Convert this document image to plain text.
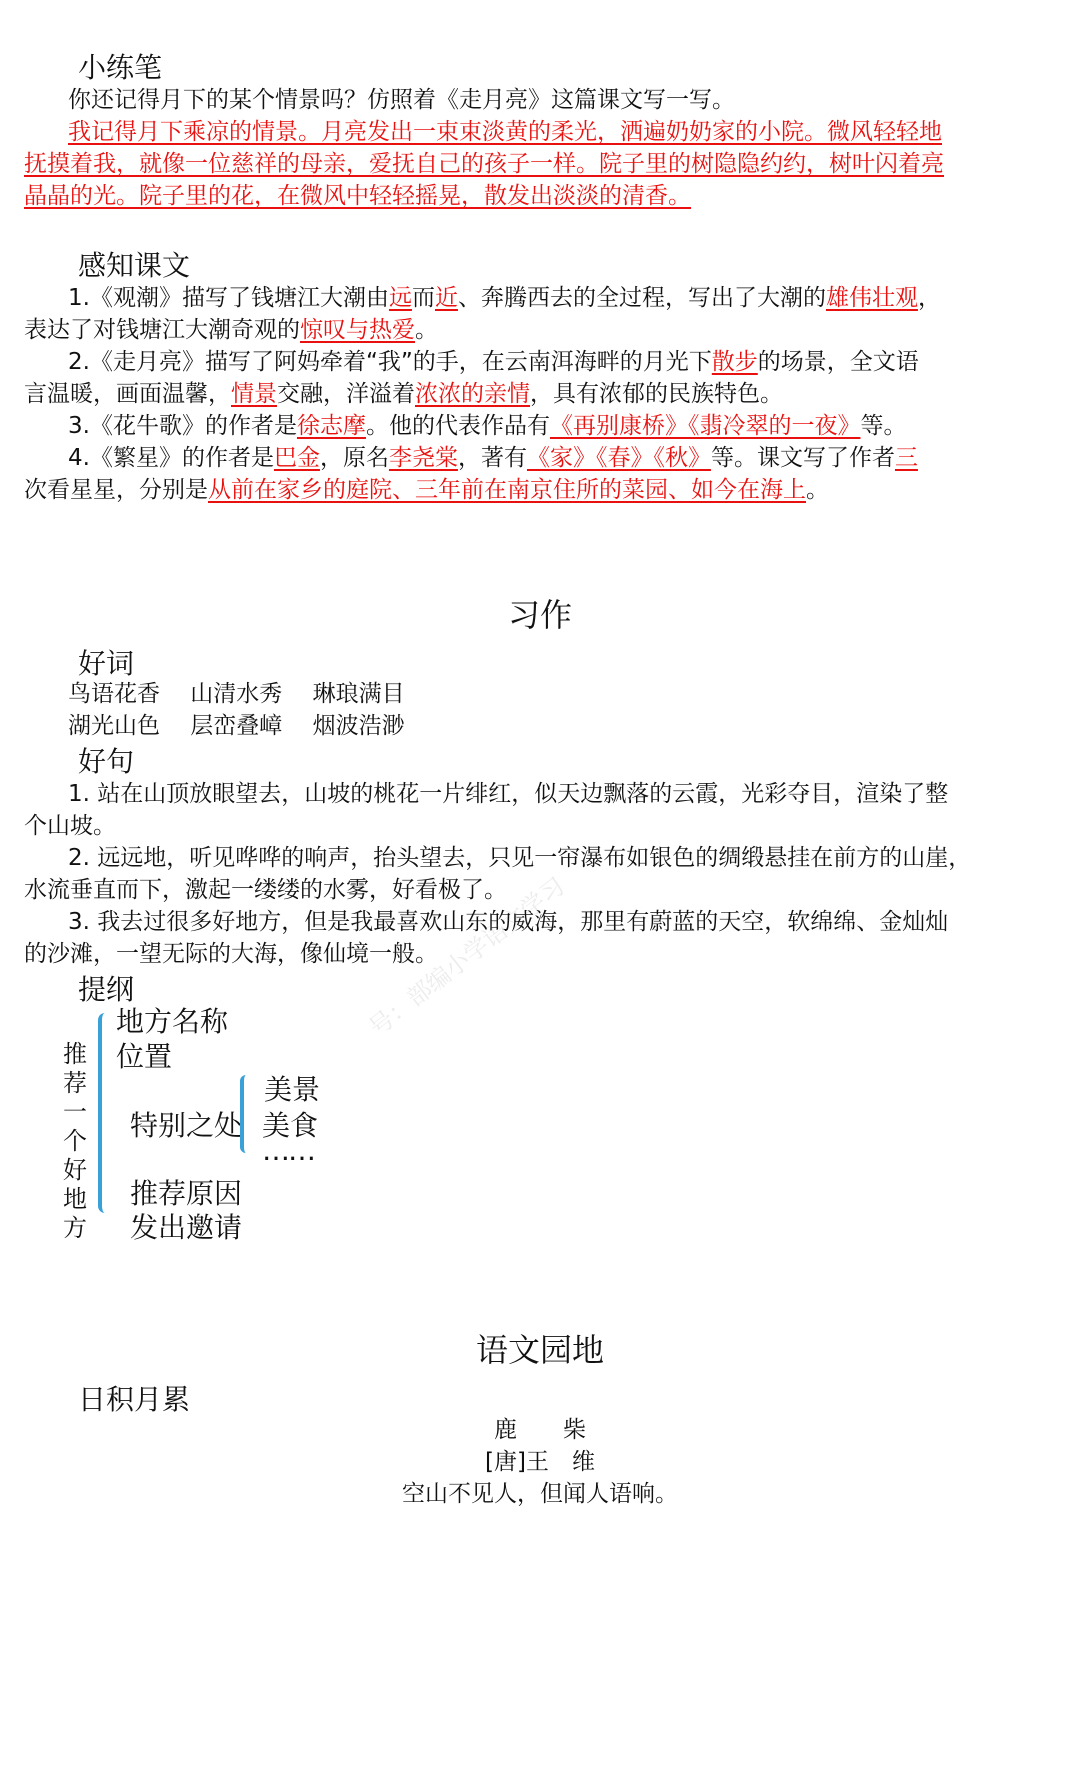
小练笔
你还记得月下的某个情景吗？仿照着《走月亮》这篇课文写一写。
我记得月下乘凉的情景。月亮发出一束束淡黄的柔光，洒遍奶奶家的小院。微风轻轻地
抚摸着我，就像一位慈祥的母亲，爱抚自己的孩子一样。院子里的树隐隐约约，树叶闪着亮
晶晶的光。院子里的花，在微风中轻轻摇晃，散发出淡淡的清香。
感知课文
1.《观潮》描写了钱塘江大潮由远而近、奔腾西去的全过程，写出了大潮的雄伟壮观，
表达了对钱塘江大潮奇观的惊叹与热爱。
2.《走月亮》描写了阿妈牵着“我”的手，在云南洱海畔的月光下散步的场景，全文语
言温暖，画面温馨，情景交融，洋溢着浓浓的亲情，具有浓郁的民族特色。
3.《花牛歌》的作者是徐志摩。他的代表作品有《再别康桥》《翡冷翠的一夜》等。
4.《繁星》的作者是巴金，原名李尧棠，著有《家》《春》《秋》等。课文写了作者三
次看星星，分别是从前在家乡的庭院、三年前在南京住所的菜园、如今在海上。
习作
好词
鸟语花香　 山清水秀　 琳琅满目
湖光山色　 层峦叠嶂　 烟波浩渺
好句
1. 站在山顶放眼望去，山坡的桃花一片绯红，似天边飘落的云霞，光彩夺目，渲染了整
个山坡。
2. 远远地，听见哗哗的响声，抬头望去，只见一帘瀑布如银色的绸缎悬挂在前方的山崖，
水流垂直而下，激起一缕缕的水雾，好看极了。
3. 我去过很多好地方，但是我最喜欢山东的威海，那里有蔚蓝的天空，软绵绵、金灿灿
的沙滩，一望无际的大海，像仙境一般。
提纲
推荐一个好地方
地方名称
位置
特别之处
美景
美食
……
推荐原因
发出邀请
号：部编小学语文学习
语文园地
日积月累
鹿　　柴
[唐]王　维
空山不见人，但闻人语响。
